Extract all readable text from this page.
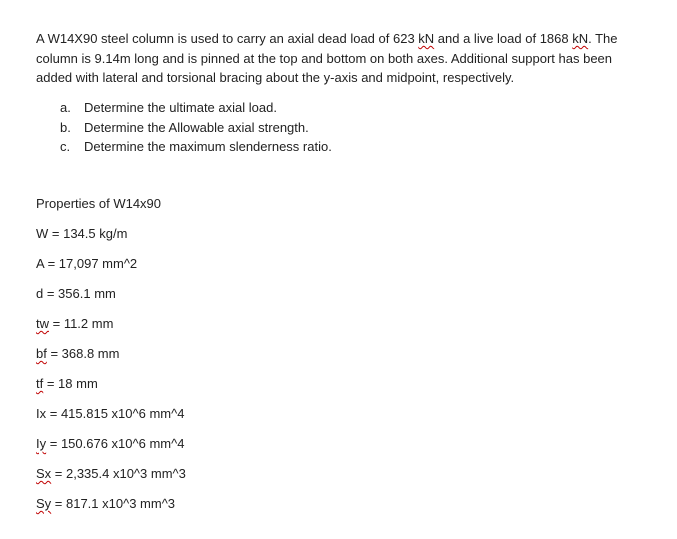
A W14X90 steel column is used to carry an axial dead load of 623 kN and a live load of 1868 kN. The
column is 9.14m long and is pinned at the top and bottom on both axes. Additional support has been
added with lateral and torsional bracing about the y-axis and midpoint, respectively.

a.	Determine the ultimate axial load.
b.	Determine the Allowable axial strength.
c.	Determine the maximum slenderness ratio.

Properties of W14x90

W = 134.5 kg/m

A = 17,097 mm^2

d = 356.1 mm

tw = 11.2 mm

bf = 368.8 mm

tf = 18 mm

Ix = 415.815 x10^6 mm^4

Iy = 150.676 x10^6 mm^4

Sx = 2,335.4 x10^3 mm^3

Sy = 817.1 x10^3 mm^3
